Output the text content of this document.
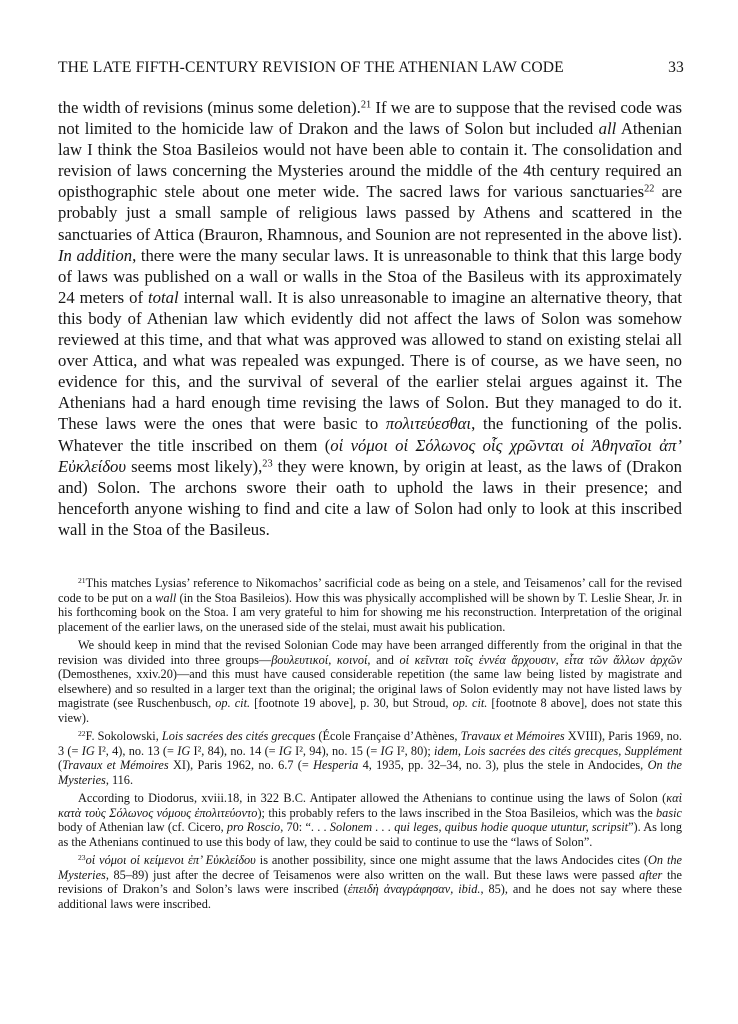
THE LATE FIFTH-CENTURY REVISION OF THE ATHENIAN LAW CODE	33

the width of revisions (minus some deletion).$^{21}$ If we are to suppose that the revised code was not limited to the homicide law of Drakon and the laws of Solon but included all Athenian law I think the Stoa Basileios would not have been able to contain it. The consolidation and revision of laws concerning the Mysteries around the middle of the 4th century required an opisthographic stele about one meter wide. The sacred laws for various sanctuaries$^{22}$ are probably just a small sample of religious laws passed by Athens and scattered in the sanctuaries of Attica (Brauron, Rhamnous, and Sounion are not represented in the above list). In addition, there were the many secular laws. It is unreasonable to think that this large body of laws was published on a wall or walls in the Stoa of the Basileus with its approximately 24 meters of total internal wall. It is also unreasonable to imagine an alternative theory, that this body of Athenian law which evidently did not affect the laws of Solon was somehow reviewed at this time, and that what was approved was allowed to stand on existing stelai all over Attica, and what was repealed was expunged. There is of course, as we have seen, no evidence for this, and the survival of several of the earlier stelai argues against it. The Athenians had a hard enough time revising the laws of Solon. But they managed to do it. These laws were the ones that were basic to πολιτεύεσθαι, the functioning of the polis. Whatever the title inscribed on them (οἱ νόμοι οἱ Σόλωνος οἷς χρῶνται οἱ Ἀθηναῖοι ἀπ’ Εὐκλείδου seems most likely),$^{23}$ they were known, by origin at least, as the laws of (Drakon and) Solon. The archons swore their oath to uphold the laws in their presence; and henceforth anyone wishing to find and cite a law of Solon had only to look at this inscribed wall in the Stoa of the Basileus.

$^{21}$This matches Lysias’ reference to Nikomachos’ sacrificial code as being on a stele, and Teisamenos’ call for the revised code to be put on a wall (in the Stoa Basileios). How this was physically accomplished will be shown by T. Leslie Shear, Jr. in his forthcoming book on the Stoa. I am very grateful to him for showing me his reconstruction. Interpretation of the original placement of the earlier laws, on the unerased side of the stelai, must await his publication.

We should keep in mind that the revised Solonian Code may have been arranged differently from the original in that the revision was divided into three groups—βουλευτικοί, κοινοί, and οἱ κεῖνται τοῖς ἐννέα ἄρχουσιν, εἶτα τῶν ἄλλων ἀρχῶν (Demosthenes, xxiv.20)—and this must have caused considerable repetition (the same law being listed by magistrate and elsewhere) and so resulted in a larger text than the original; the original laws of Solon evidently may not have listed laws by magistrate (see Ruschenbusch, op. cit. [footnote 19 above], p. 30, but Stroud, op. cit. [footnote 8 above], does not state this view).

$^{22}$F. Sokolowski, Lois sacrées des cités grecques (École Française d’Athènes, Travaux et Mémoires XVIII), Paris 1969, no. 3 (= IG I², 4), no. 13 (= IG I², 84), no. 14 (= IG I², 94), no. 15 (= IG I², 80); idem, Lois sacrées des cités grecques, Supplément (Travaux et Mémoires XI), Paris 1962, no. 6.7 (= Hesperia 4, 1935, pp. 32–34, no. 3), plus the stele in Andocides, On the Mysteries, 116.

According to Diodorus, xviii.18, in 322 B.C. Antipater allowed the Athenians to continue using the laws of Solon (καὶ κατὰ τοὺς Σόλωνος νόμους ἐπολιτεύοντο); this probably refers to the laws inscribed in the Stoa Basileios, which was the basic body of Athenian law (cf. Cicero, pro Roscio, 70: “. . . Solonem . . . qui leges, quibus hodie quoque utuntur, scripsit”). As long as the Athenians continued to use this body of law, they could be said to continue to use the “laws of Solon”.

$^{23}$οἱ νόμοι οἱ κείμενοι ἐπ’ Εὐκλείδου is another possibility, since one might assume that the laws Andocides cites (On the Mysteries, 85–89) just after the decree of Teisamenos were also written on the wall. But these laws were passed after the revisions of Drakon’s and Solon’s laws were inscribed (ἐπειδὴ ἀναγράφησαν, ibid., 85), and he does not say where these additional laws were inscribed.
